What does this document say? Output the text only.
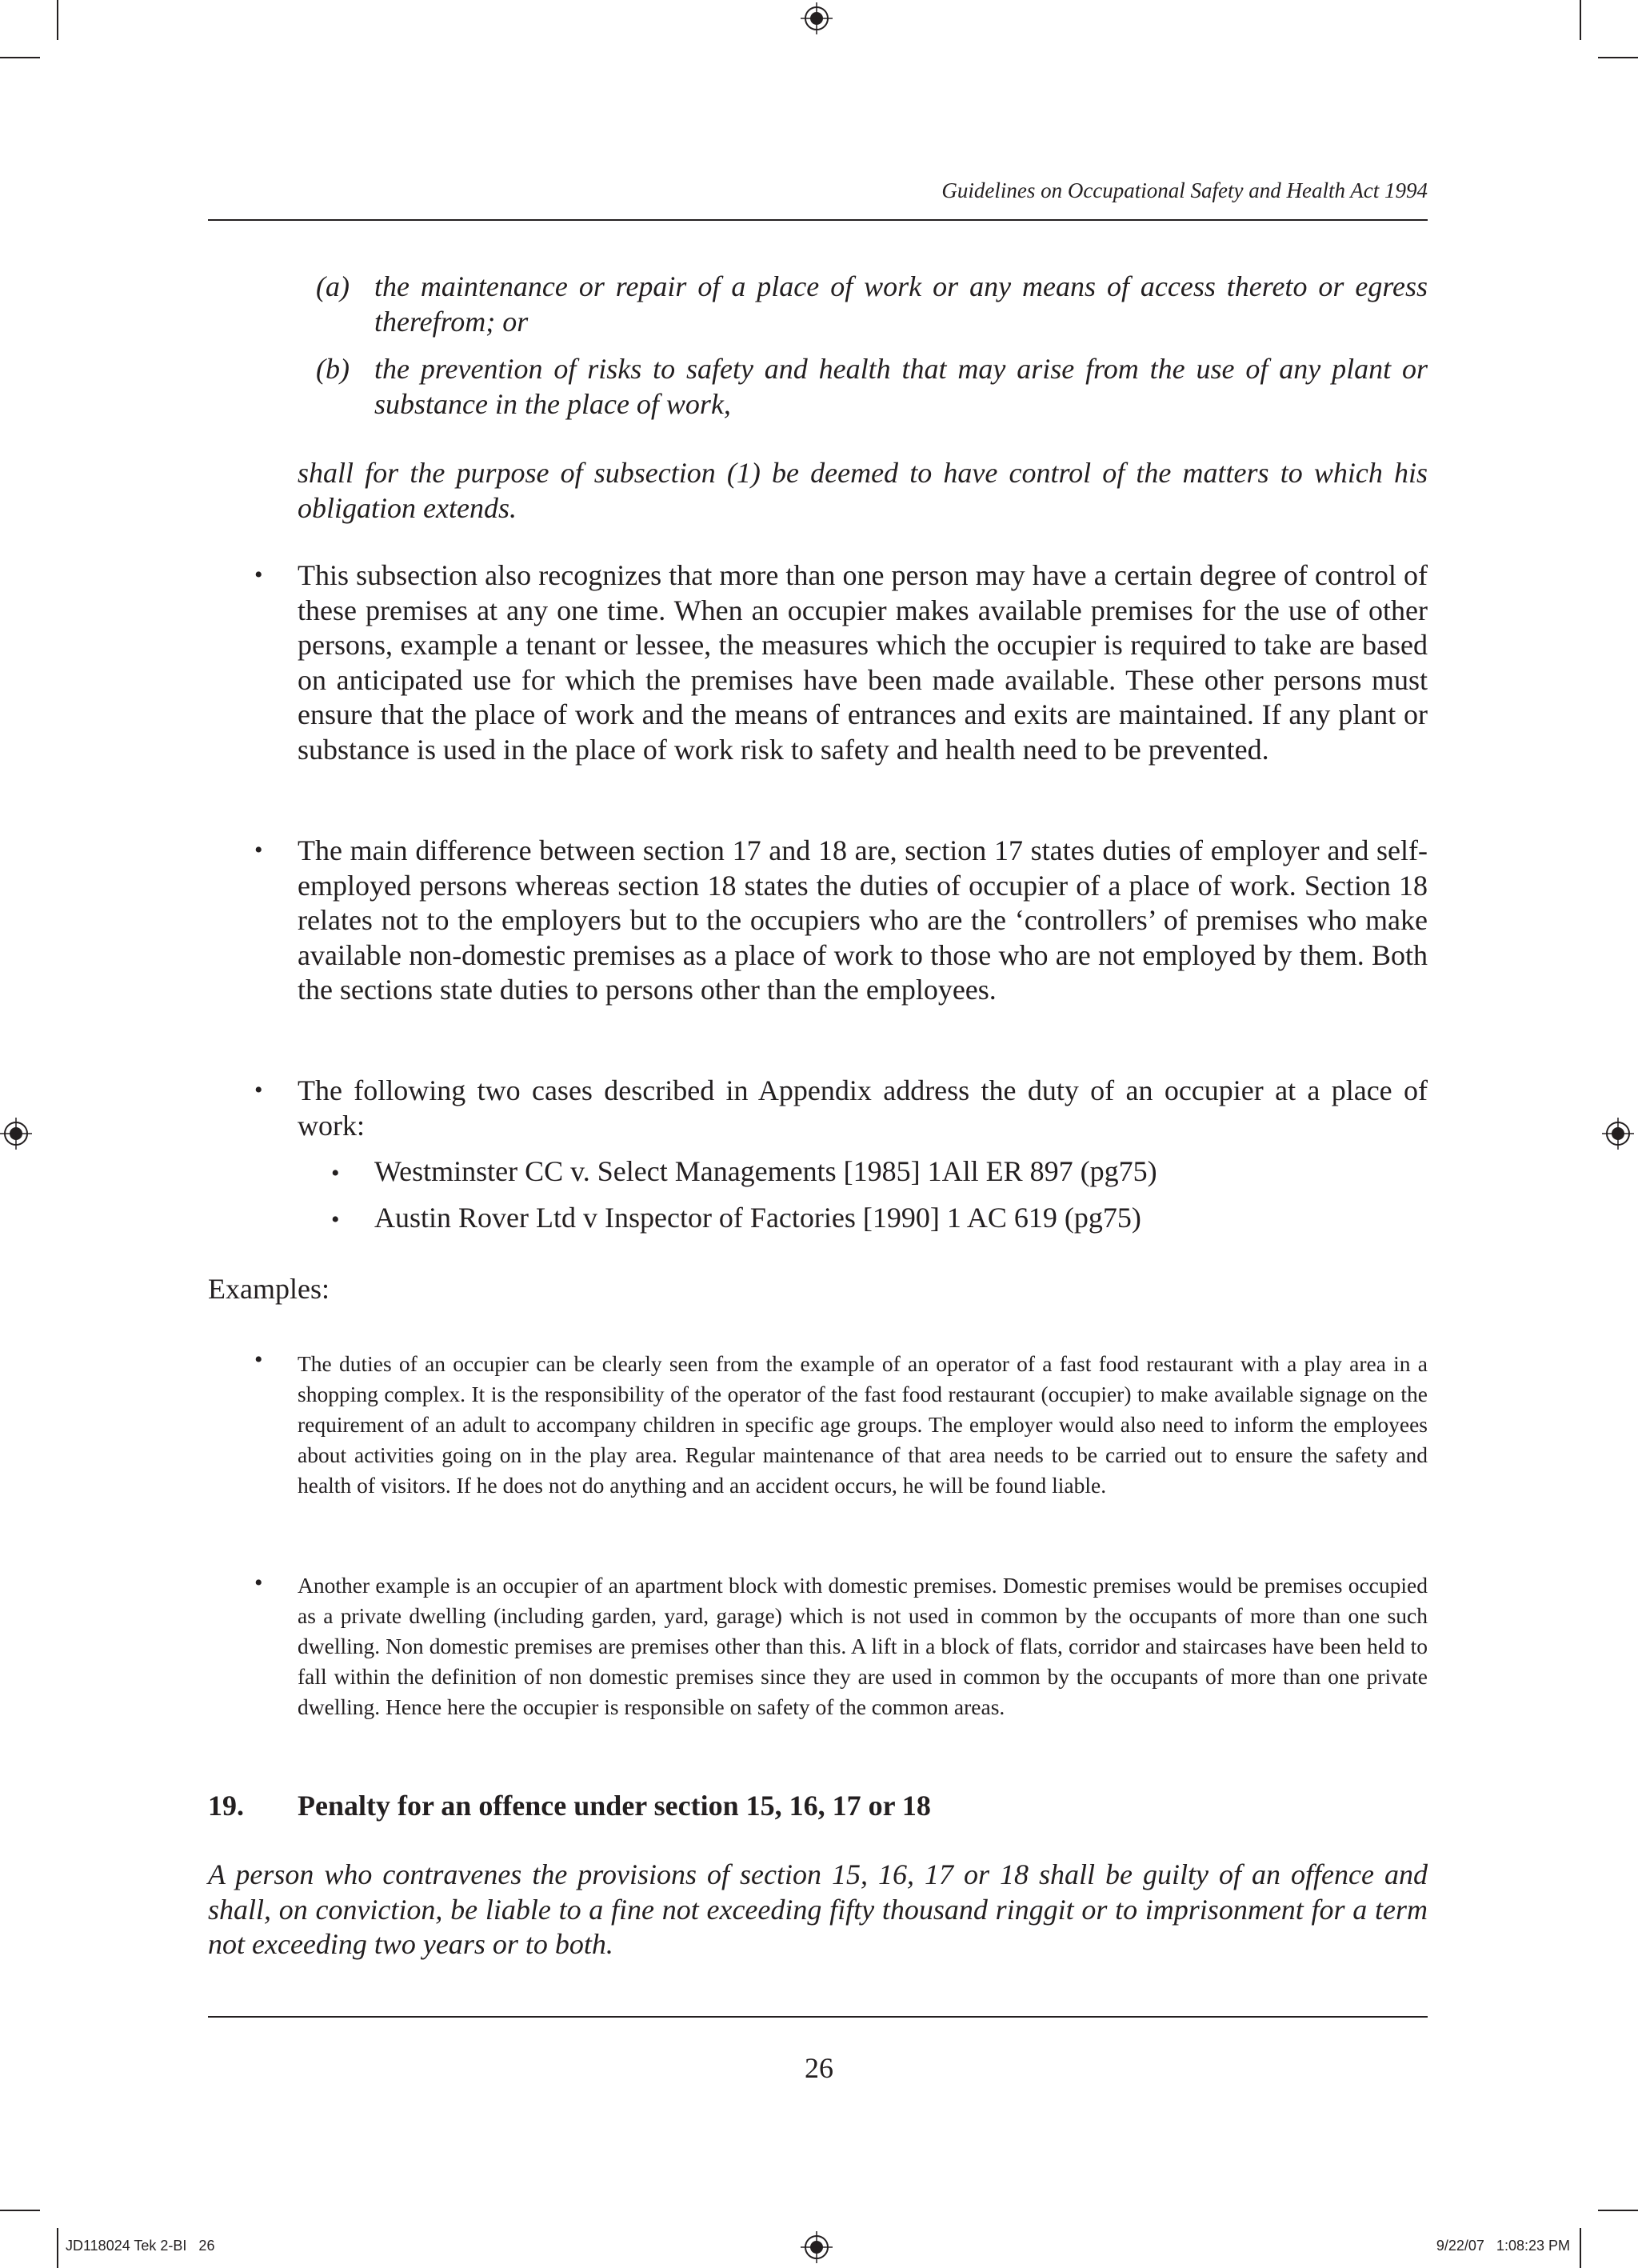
Guidelines on Occupational Safety and Health Act 1994
(a) the maintenance or repair of a place of work or any means of access thereto or egress therefrom; or
(b) the prevention of risks to safety and health that may arise from the use of any plant or substance in the place of work,
shall for the purpose of subsection (1) be deemed to have control of the matters to which his obligation extends.
• This subsection also recognizes that more than one person may have a certain degree of control of these premises at any one time. When an occupier makes available premises for the use of other persons, example a tenant or lessee, the measures which the occupier is required to take are based on anticipated use for which the premises have been made available. These other persons must ensure that the place of work and the means of entrances and exits are maintained. If any plant or substance is used in the place of work risk to safety and health need to be prevented.
• The main difference between section 17 and 18 are, section 17 states duties of employer and self-employed persons whereas section 18 states the duties of occupier of a place of work. Section 18 relates not to the employers but to the occupiers who are the ‘controllers’ of premises who make available non-domestic premises as a place of work to those who are not employed by them. Both the sections state duties to persons other than the employees.
• The following two cases described in Appendix address the duty of an occupier at a place of work:
• Westminster CC v. Select Managements [1985] 1All ER 897 (pg75)
• Austin Rover Ltd v Inspector of Factories [1990] 1 AC 619 (pg75)
Examples:
• The duties of an occupier can be clearly seen from the example of an operator of a fast food restaurant with a play area in a shopping complex. It is the responsibility of the operator of the fast food restaurant (occupier) to make available signage on the requirement of an adult to accompany children in specific age groups. The employer would also need to inform the employees about activities going on in the play area. Regular maintenance of that area needs to be carried out to ensure the safety and health of visitors. If he does not do anything and an accident occurs, he will be found liable.
• Another example is an occupier of an apartment block with domestic premises. Domestic premises would be premises occupied as a private dwelling (including garden, yard, garage) which is not used in common by the occupants of more than one such dwelling. Non domestic premises are premises other than this. A lift in a block of flats, corridor and staircases have been held to fall within the definition of non domestic premises since they are used in common by the occupants of more than one private dwelling. Hence here the occupier is responsible on safety of the common areas.
19. Penalty for an offence under section 15, 16, 17 or 18
A person who contravenes the provisions of section 15, 16, 17 or 18 shall be guilty of an offence and shall, on conviction, be liable to a fine not exceeding fifty thousand ringgit or to imprisonment for a term not exceeding two years or to both.
26
JD118024 Tek 2-BI   26	9/22/07   1:08:23 PM
